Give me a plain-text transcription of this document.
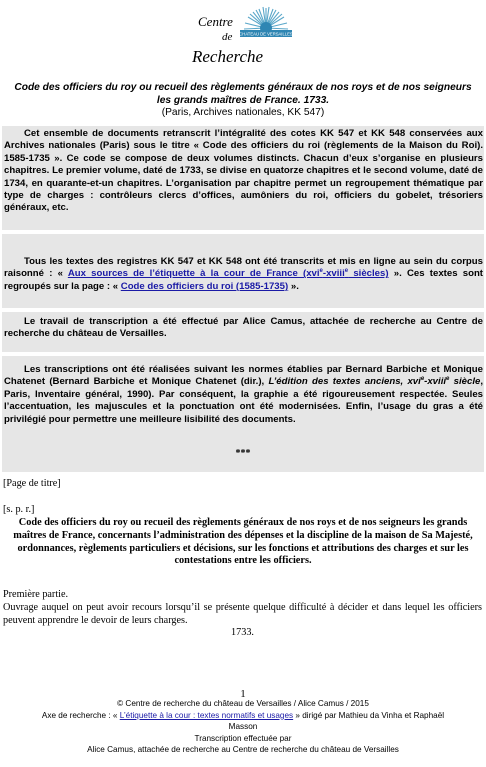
CHATEAU DE VERSAILLES
Centre
de
Recherche
Code des officiers du roy ou recueil des règlements généraux de nos roys et de nos seigneurs les grands maîtres de France. 1733.
(Paris, Archives nationales, KK 547)

Cet ensemble de documents retranscrit l’intégralité des cotes KK 547 et KK 548 conservées aux Archives nationales (Paris) sous le titre « Code des officiers du roi (règlements de la Maison du Roi). 1585-1735 ». Ce code se compose de deux volumes distincts. Chacun d’eux s’organise en plusieurs chapitres. Le premier volume, daté de 1733, se divise en quatorze chapitres et le second volume, daté de 1734, en quarante-et-un chapitres. L’organisation par chapitre permet un regroupement thématique par type de charges : contrôleurs clercs d’offices, aumôniers du roi, officiers du gobelet, trésoriers généraux, etc.

Tous les textes des registres KK 547 et KK 548 ont été transcrits et mis en ligne au sein du corpus raisonné : « Aux sources de l’étiquette à la cour de France (xvi$^e$-xviii$^e$ siècles) ». Ces textes sont regroupés sur la page : « Code des officiers du roi (1585-1735) ».

Le travail de transcription a été effectué par Alice Camus, attachée de recherche au Centre de recherche du château de Versailles.

Les transcriptions ont été réalisées suivant les normes établies par Bernard Barbiche et Monique Chatenet (Bernard Barbiche et Monique Chatenet (dir.), L’édition des textes anciens, xvi$^e$-xviii$^e$ siècle, Paris, Inventaire général, 1990). Par conséquent, la graphie a été rigoureusement respectée. Seules l’accentuation, les majuscules et la ponctuation ont été modernisées. Enfin, l’usage du gras a été privilégié pour permettre une meilleure lisibilité des documents.

***
[Page de titre]
[s. p. r.]
Code des officiers du roy ou recueil des rѐglements généraux de nos roys et de nos seigneurs les grands maîtres de France, concernants l’administration des dépenses et la discipline de la maison de Sa Majesté, ordonnances, rѐglements particuliers et décisions, sur les fonctions et attributions des charges et sur les contestations entre les officiers.
Premiѐre partie.
Ouvrage auquel on peut avoir recours lorsqu’il se présente quelque difficulté à décider et dans lequel les officiers peuvent apprendre le devoir de leurs charges.
1733.
1
© Centre de recherche du château de Versailles / Alice Camus / 2015
Axe de recherche : « L’étiquette à la cour : textes normatifs et usages » dirigé par Mathieu da Vinha et Raphaël
Masson
Transcription effectuée par
Alice Camus, attachée de recherche au Centre de recherche du château de Versailles
